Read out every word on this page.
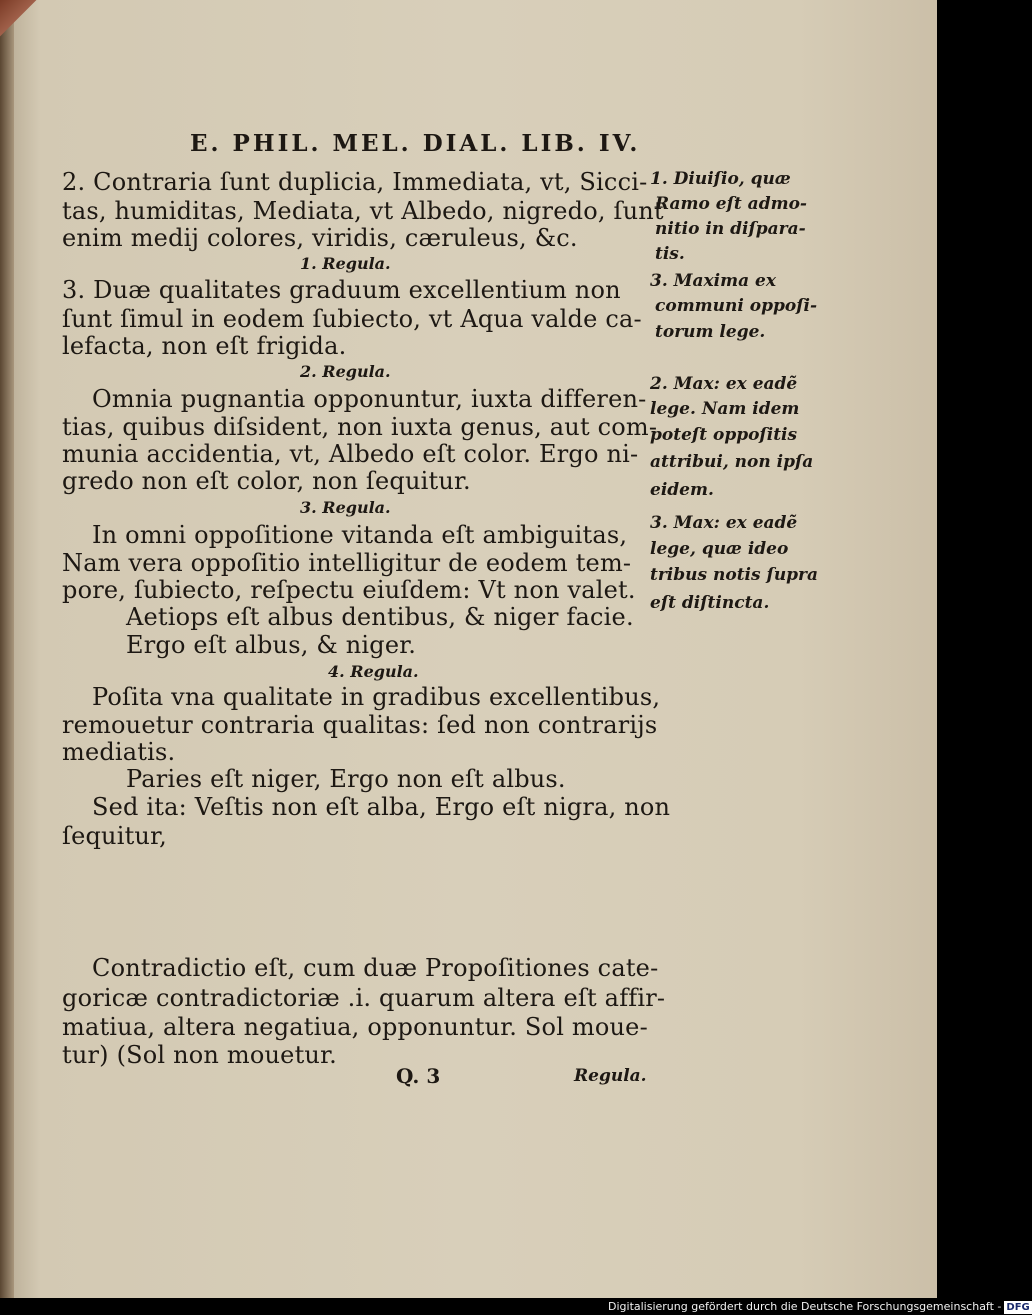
E. PHIL. MEL. DIAL. LIB. IV.
2. Contraria ſunt duplicia, Immediata, vt, Sicci-
tas, humiditas, Mediata, vt Albedo, nigredo, ſunt
enim medij colores, viridis, cæruleus, &c.
1. Regula.
3. Duæ qualitates graduum excellentium non
ſunt ſimul in eodem ſubiecto, vt Aqua valde ca-
lefacta, non eſt frigida.
2. Regula.
Omnia pugnantia opponuntur, iuxta differen-
tias, quibus diſsident, non iuxta genus, aut com-
munia accidentia, vt, Albedo eſt color. Ergo ni-
gredo non eſt color, non ſequitur.
3. Regula.
In omni oppoſitione vitanda eſt ambiguitas,
Nam vera oppoſitio intelligitur de eodem tem-
pore, ſubiecto, reſpectu eiuſdem: Vt non valet.
Aetiops eſt albus dentibus, & niger facie.
Ergo eſt albus, & niger.
4. Regula.
Poſita vna qualitate in gradibus excellentibus,
remouetur contraria qualitas: ſed non contrarijs
mediatis.
Paries eſt niger, Ergo non eſt albus.
Sed ita: Veſtis non eſt alba, Ergo eſt nigra, non
ſequitur,
Contradictio eſt, cum duæ Propoſitiones cate-
goricæ contradictoriæ .i. quarum altera eſt affir-
matiua, altera negatiua, opponuntur. Sol moue-
tur) (Sol non mouetur.
1. Diuiſio, quæ
Ramo eſt admo-
nitio in diſpara-
tis.
3. Maxima ex
communi oppoſi-
torum lege.
2. Max: ex eadẽ
lege. Nam idem
poteſt oppoſitis
attribui, non ipſa
eidem.
3. Max: ex eadẽ
lege, quæ ideo
tribus notis ſupra
eſt diſtincta.
Q. 3	Regula.
Digitalisierung gefördert durch die Deutsche Forschungsgemeinschaft - DFG
